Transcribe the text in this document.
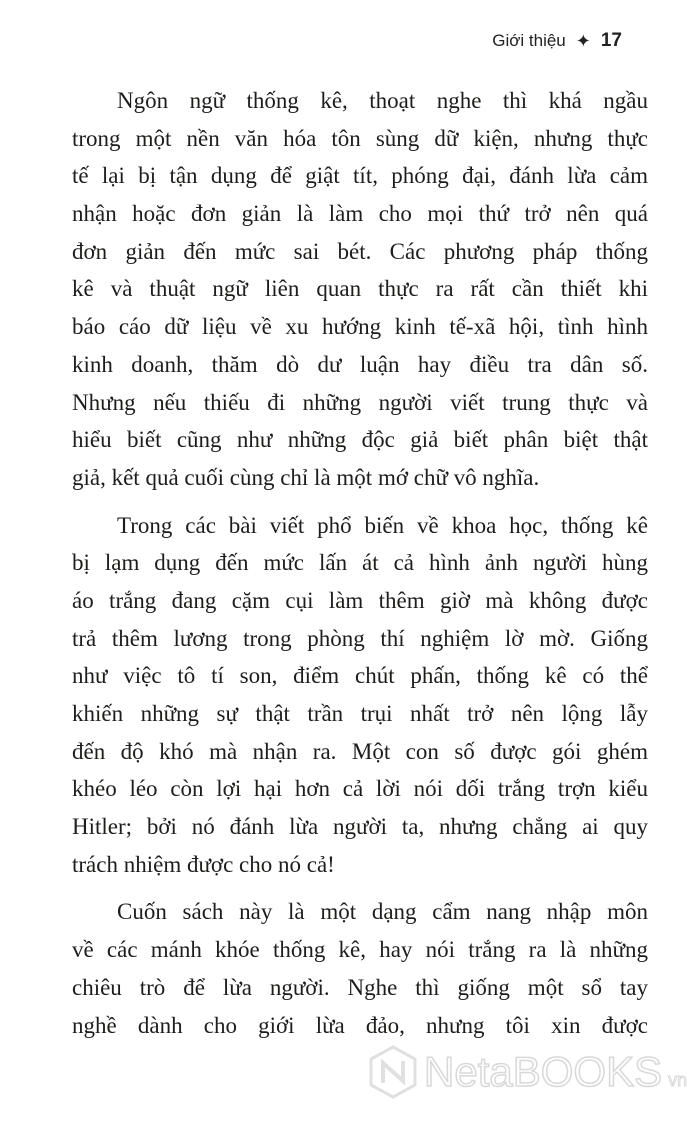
Giới thiệu ✦ 17
Ngôn ngữ thống kê, thoạt nghe thì khá ngầu
trong một nền văn hóa tôn sùng dữ kiện, nhưng thực
tế lại bị tận dụng để giật tít, phóng đại, đánh lừa cảm
nhận hoặc đơn giản là làm cho mọi thứ trở nên quá
đơn giản đến mức sai bét. Các phương pháp thống
kê và thuật ngữ liên quan thực ra rất cần thiết khi
báo cáo dữ liệu về xu hướng kinh tế-xã hội, tình hình
kinh doanh, thăm dò dư luận hay điều tra dân số.
Nhưng nếu thiếu đi những người viết trung thực và
hiểu biết cũng như những độc giả biết phân biệt thật
giả, kết quả cuối cùng chỉ là một mớ chữ vô nghĩa.
Trong các bài viết phổ biến về khoa học, thống kê
bị lạm dụng đến mức lấn át cả hình ảnh người hùng
áo trắng đang cặm cụi làm thêm giờ mà không được
trả thêm lương trong phòng thí nghiệm lờ mờ. Giống
như việc tô tí son, điểm chút phấn, thống kê có thể
khiến những sự thật trần trụi nhất trở nên lộng lẫy
đến độ khó mà nhận ra. Một con số được gói ghém
khéo léo còn lợi hại hơn cả lời nói dối trắng trợn kiểu
Hitler; bởi nó đánh lừa người ta, nhưng chẳng ai quy
trách nhiệm được cho nó cả!
Cuốn sách này là một dạng cẩm nang nhập môn
về các mánh khóe thống kê, hay nói trắng ra là những
chiêu trò để lừa người. Nghe thì giống một sổ tay
nghề dành cho giới lừa đảo, nhưng tôi xin được
NetaBOOKS vn
